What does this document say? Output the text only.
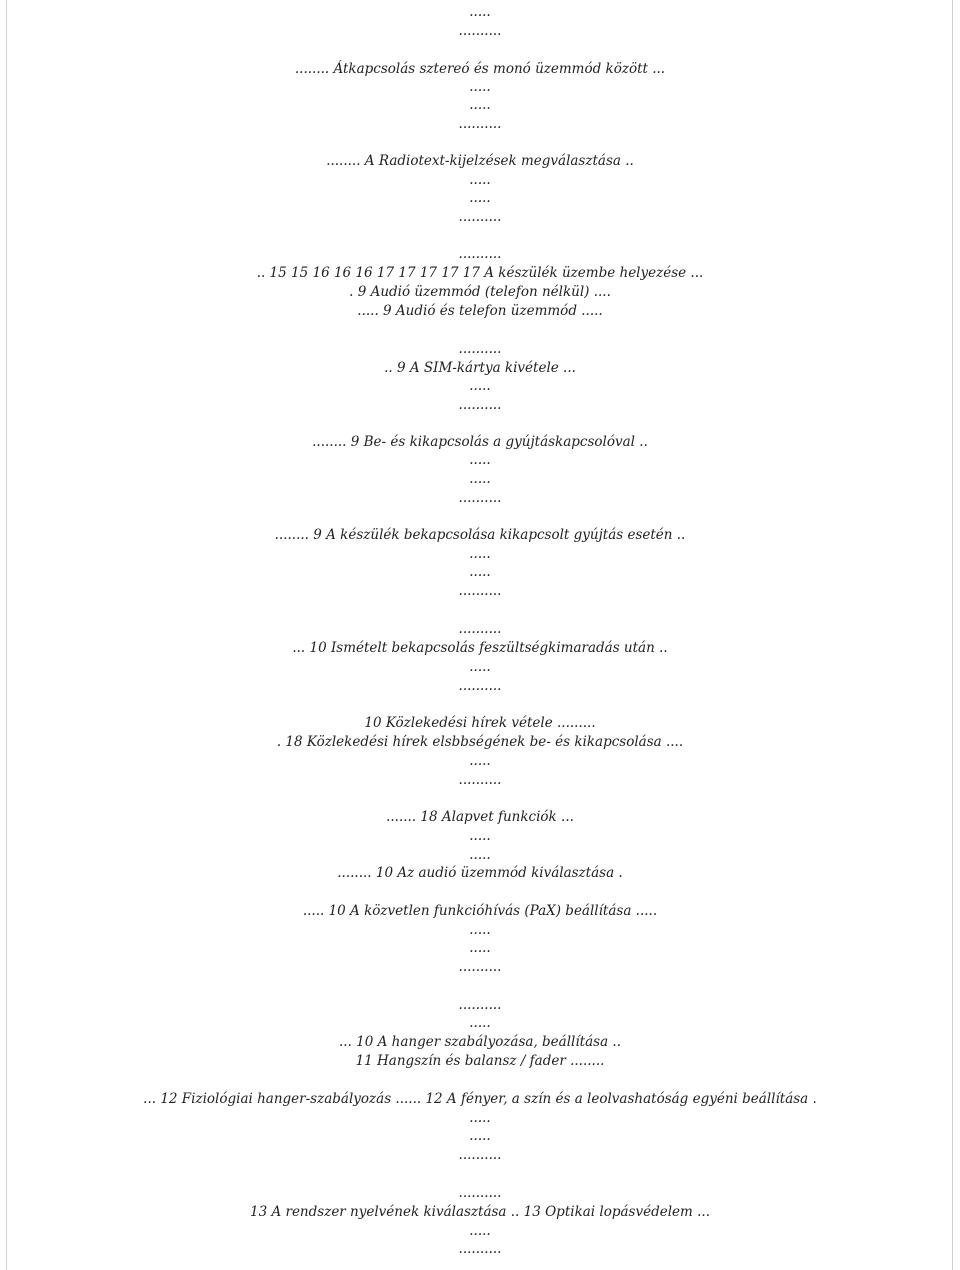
.....
..........
........ Átkapcsolás sztereó és monó üzemmód között ...
.....
.....
..........
........ A Radiotext-kijelzések megválasztása ..
.....
.....
..........
..........
.. 15 15 16 16 16 17 17 17 17 17 A készülék üzembe helyezése ...
. 9 Audió üzemmód (telefon nélkül) ....
..... 9 Audió és telefon üzemmód .....
..........
.. 9 A SIM-kártya kivétele ...
.....
..........
........ 9 Be- és kikapcsolás a gyújtáskapcsolóval ..
.....
.....
..........
........ 9 A készülék bekapcsolása kikapcsolt gyújtás esetén ..
.....
.....
..........
..........
... 10 Ismételt bekapcsolás feszültségkimaradás után ..
.....
..........
10 Közlekedési hírek vétele .........
. 18 Közlekedési hírek elsbbségének be- és kikapcsolása ....
.....
..........
....... 18 Alapvet funkciók ...
.....
.....
........ 10 Az audió üzemmód kiválasztása .
..... 10 A közvetlen funkcióhívás (PaX) beállítása .....
.....
.....
..........
..........
.....
... 10 A hanger szabályozása, beállítása ..
11 Hangszín és balansz / fader ........
... 12 Fiziológiai hanger-szabályozás ...... 12 A fényer, a szín és a leolvashatóság egyéni beállítása .
.....
.....
..........
..........
13 A rendszer nyelvének kiválasztása .. 13 Optikai lopásvédelem ...
.....
..........
